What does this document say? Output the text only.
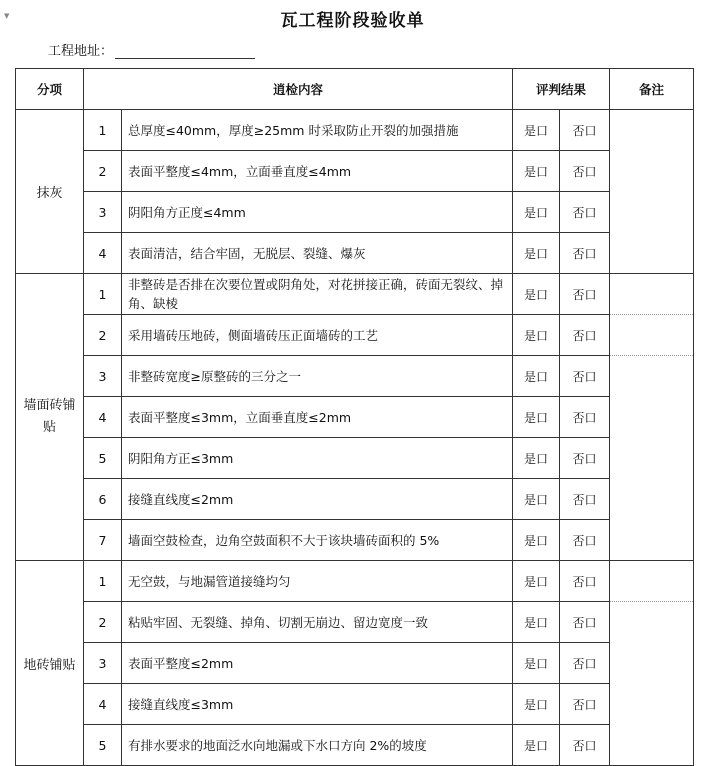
▼	瓦工程阶段验收单
工程地址：
分项	逍检内容		评判结果		备注
抹灰	1	总厚度≤40mm，厚度≥25mm 时采取防止开裂的加强措施	是口	否口	
	2	表面平整度≤4mm，立面垂直度≤4mm	是口	否口	
	3	阴阳角方正度≤4mm	是口	否口	
	4	表面清洁，结合牢固，无脱层、裂缝、爆灰	是口	否口	
墙面砖铺贴	1	非整砖是否排在次要位置或阴角处，对花拼接正确，砖面无裂纹、掉角、缺棱	是口	否口	
	2	采用墙砖压地砖，侧面墙砖压正面墙砖的工艺	是口	否口	
	3	非整砖宽度≥原整砖的三分之一	是口	否口	
	4	表面平整度≤3mm，立面垂直度≤2mm	是口	否口	
	5	阴阳角方正≤3mm	是口	否口	
	6	接缝直线度≤2mm	是口	否口	
	7	墙面空鼓检查，边角空鼓面积不大于该块墙砖面积的 5%	是口	否口	
地砖铺贴	1	无空鼓，与地漏管道接缝均匀	是口	否口	
	2	粘贴牢固、无裂缝、掉角、切割无崩边、留边宽度一致	是口	否口	
	3	表面平整度≤2mm	是口	否口	
	4	接缝直线度≤3mm	是口	否口	
	5	有排水要求的地面泛水向地漏或下水口方向 2%的坡度	是口	否口	
